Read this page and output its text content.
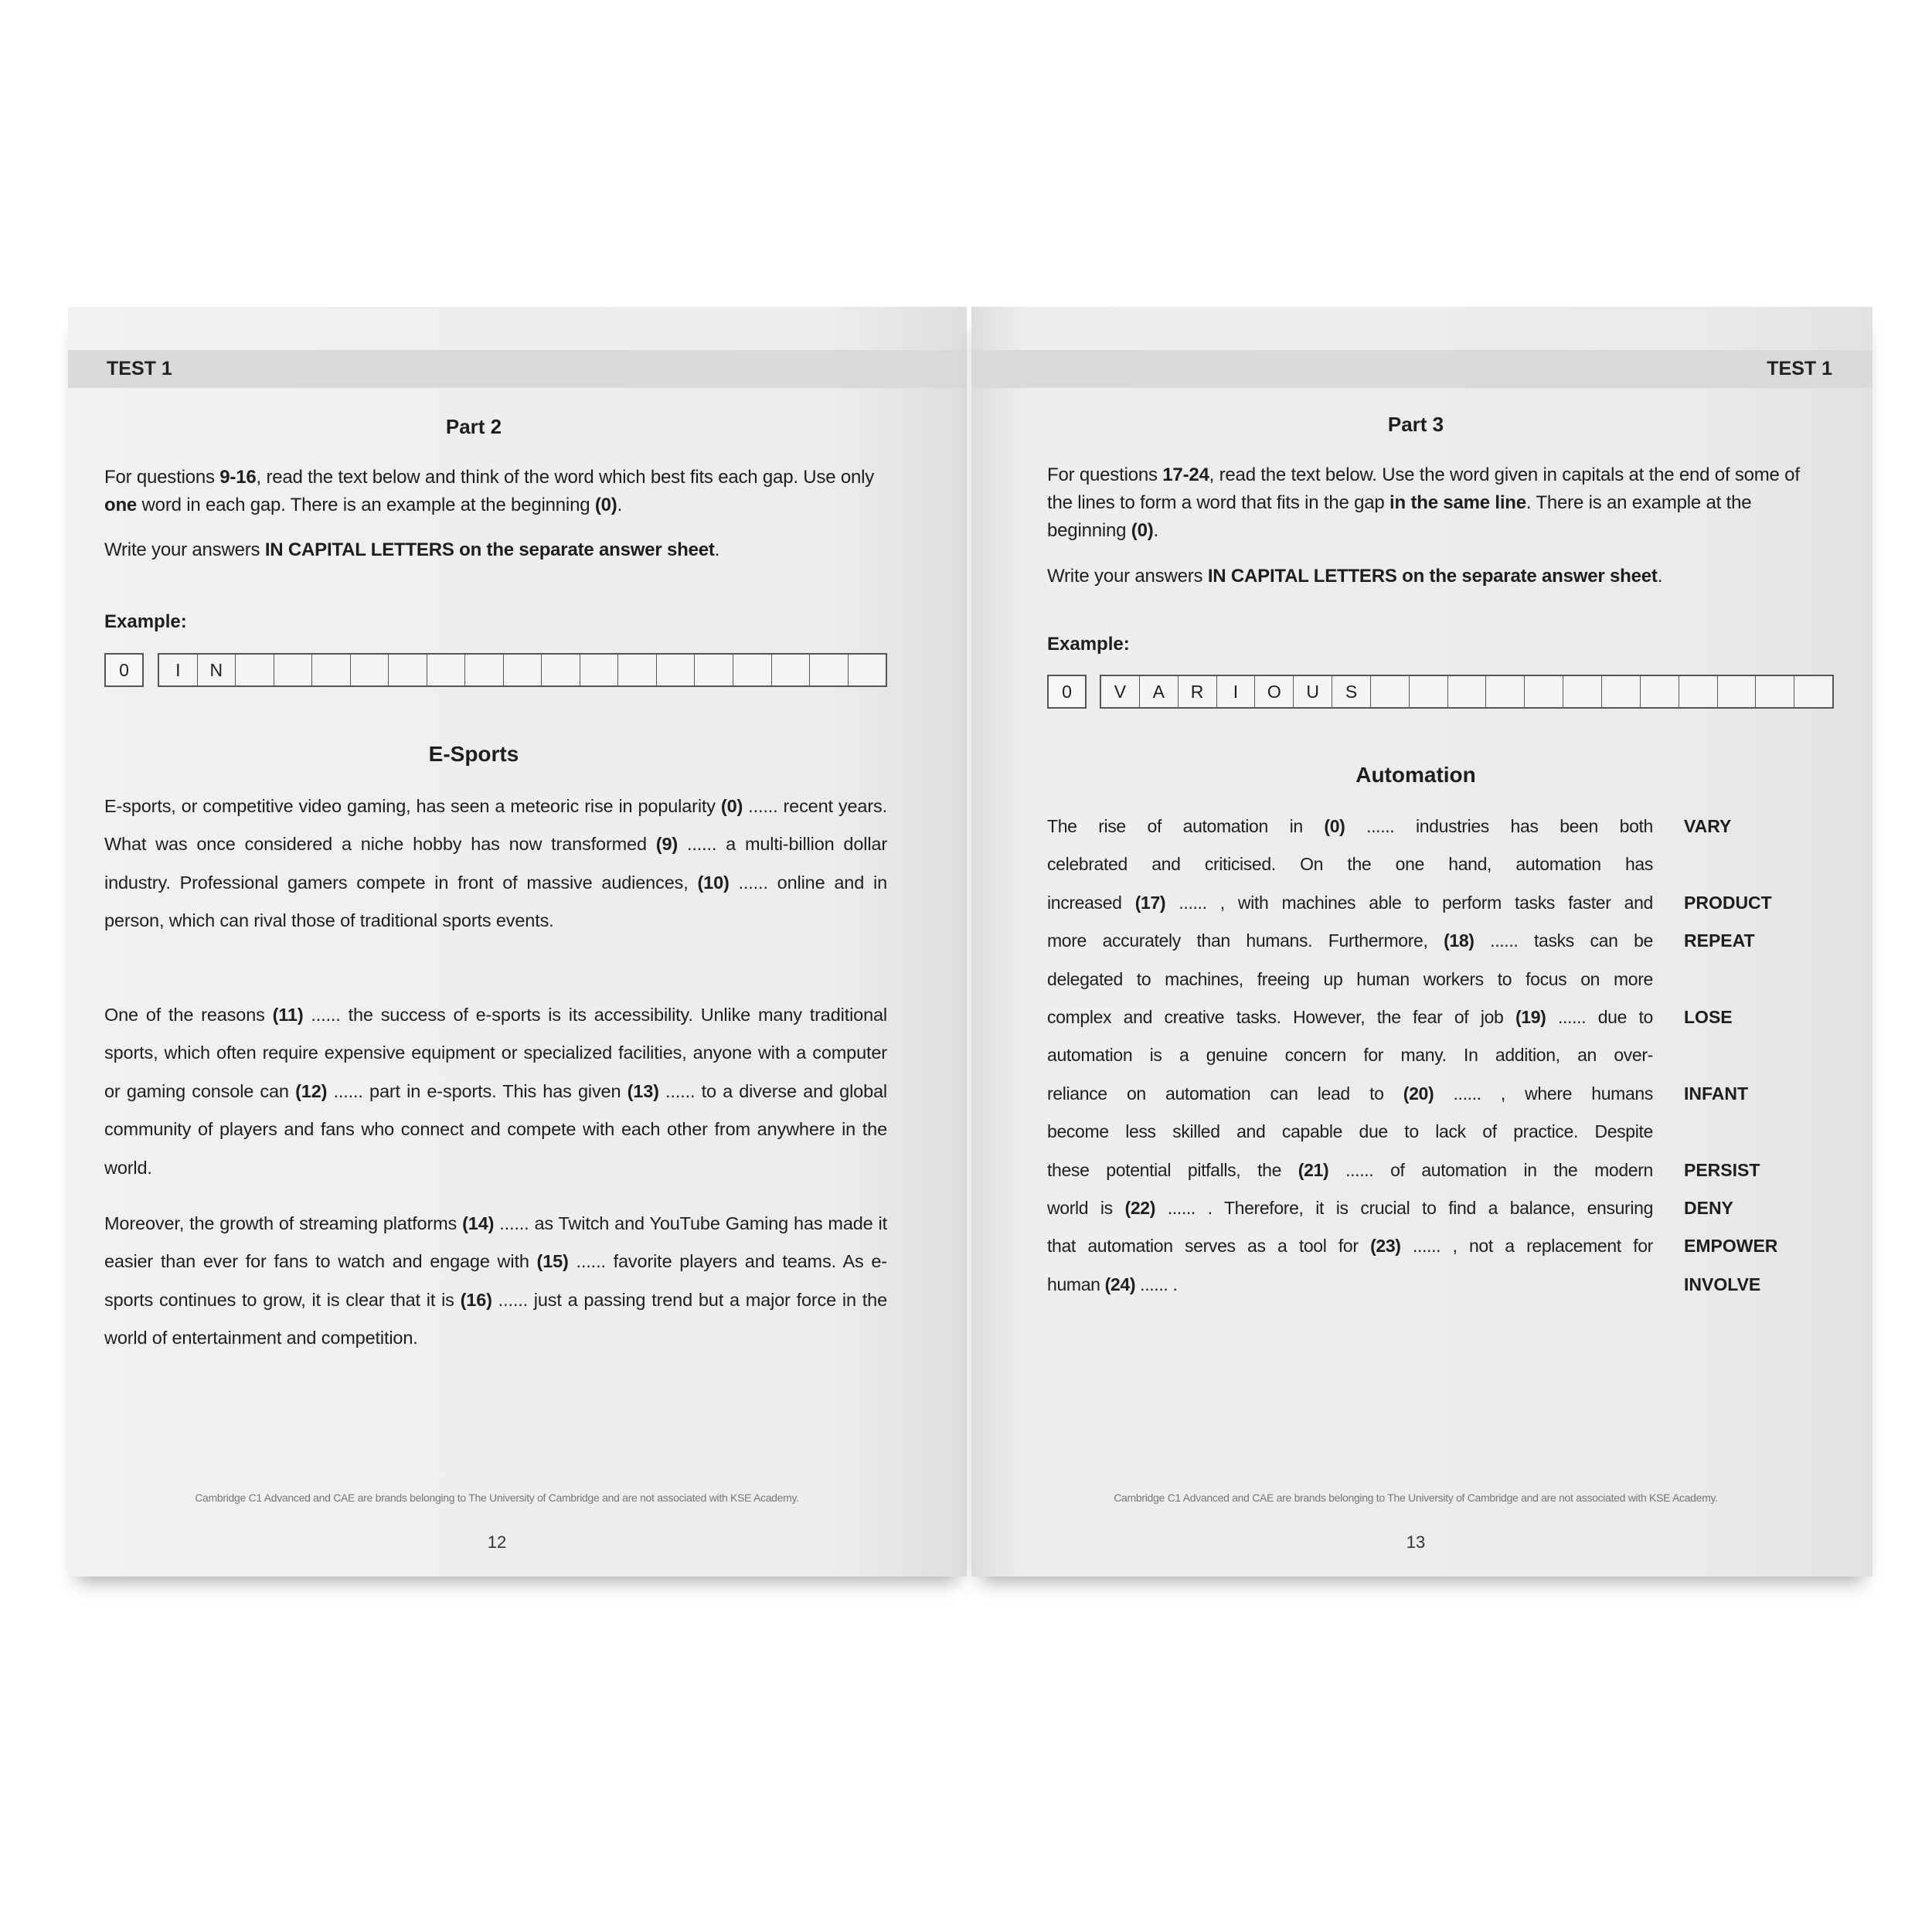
TEST 1
Part 2
For questions 9-16, read the text below and think of the word which best fits each gap. Use only one word in each gap. There is an example at the beginning (0).
Write your answers IN CAPITAL LETTERS on the separate answer sheet.
Example:
0	I	N
E-Sports
E-sports, or competitive video gaming, has seen a meteoric rise in popularity (0) ...... recent years. What was once considered a niche hobby has now transformed (9) ...... a multi-billion dollar industry. Professional gamers compete in front of massive audiences, (10) ...... online and in person, which can rival those of traditional sports events.
One of the reasons (11) ...... the success of e-sports is its accessibility. Unlike many traditional sports, which often require expensive equipment or specialized facilities, anyone with a computer or gaming console can (12) ...... part in e-sports. This has given (13) ...... to a diverse and global community of players and fans who connect and compete with each other from anywhere in the world.
Moreover, the growth of streaming platforms (14) ...... as Twitch and YouTube Gaming has made it easier than ever for fans to watch and engage with (15) ...... favorite players and teams. As e-sports continues to grow, it is clear that it is (16) ...... just a passing trend but a major force in the world of entertainment and competition.
Cambridge C1 Advanced and CAE are brands belonging to The University of Cambridge and are not associated with KSE Academy.
12
TEST 1
Part 3
For questions 17-24, read the text below. Use the word given in capitals at the end of some of the lines to form a word that fits in the gap in the same line. There is an example at the beginning (0).
Write your answers IN CAPITAL LETTERS on the separate answer sheet.
Example:
0	V	A	R	I	O	U	S
Automation
The rise of automation in (0) ...... industries has been both VARY
celebrated and criticised. On the one hand, automation has
increased (17) ...... , with machines able to perform tasks faster and PRODUCT
more accurately than humans. Furthermore, (18) ...... tasks can be REPEAT
delegated to machines, freeing up human workers to focus on more
complex and creative tasks. However, the fear of job (19) ...... due to LOSE
automation is a genuine concern for many. In addition, an over-
reliance on automation can lead to (20) ...... , where humans INFANT
become less skilled and capable due to lack of practice. Despite
these potential pitfalls, the (21) ...... of automation in the modern PERSIST
world is (22) ...... . Therefore, it is crucial to find a balance, ensuring DENY
that automation serves as a tool for (23) ...... , not a replacement for EMPOWER
human (24) ...... .	INVOLVE
Cambridge C1 Advanced and CAE are brands belonging to The University of Cambridge and are not associated with KSE Academy.
13
